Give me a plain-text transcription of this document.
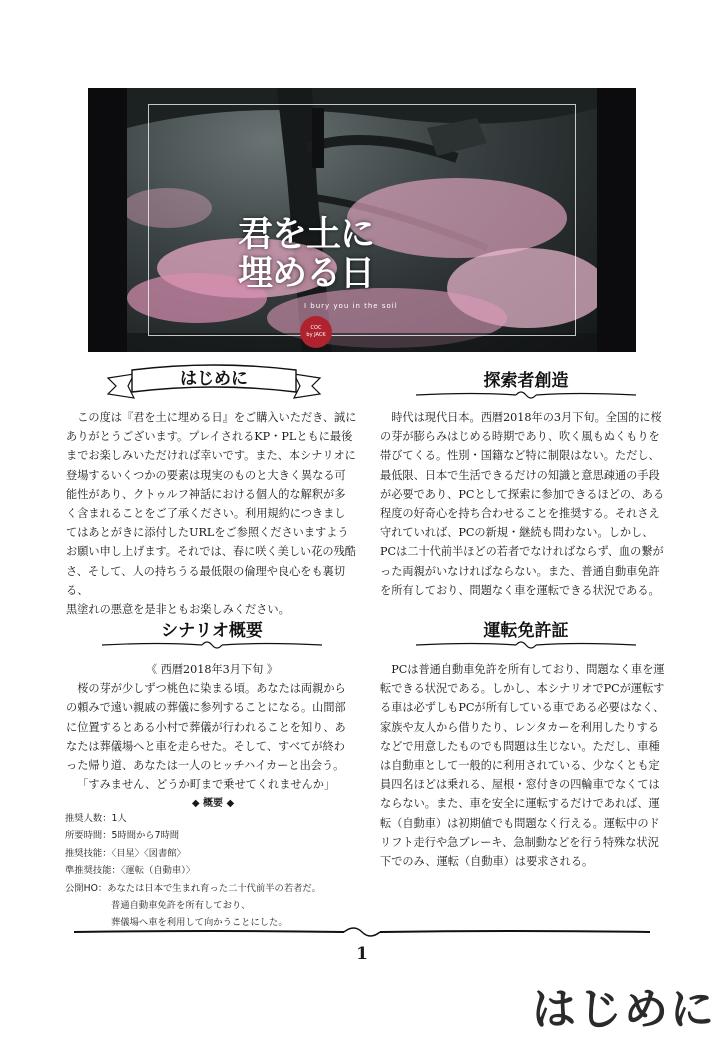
君を土に
埋める日
I bury you in the soil
COC
by JACK
はじめに

この度は『君を土に埋める日』をご購入いただき、誠に

ありがとうございます。プレイされるKP・PLともに最後

までお楽しみいただければ幸いです。また、本シナリオに

登場するいくつかの要素は現実のものと大きく異なる可

能性があり、クトゥルフ神話における個人的な解釈が多

く含まれることをご了承ください。利用規約につきまし

てはあとがきに添付したURLをご参照くださいますよう

お願い申し上げます。それでは、春に咲く美しい花の残酷

さ、そして、人の持ちうる最低限の倫理や良心をも裏切る、

黒塗れの悪意を是非ともお楽しみください。

探索者創造

時代は現代日本。西暦2018年の3月下旬。全国的に桜

の芽が膨らみはじめる時期であり、吹く風もぬくもりを

帯びてくる。性別・国籍など特に制限はない。ただし、

最低限、日本で生活できるだけの知識と意思疎通の手段

が必要であり、PCとして探索に参加できるほどの、ある

程度の好奇心を持ち合わせることを推奨する。それさえ

守れていれば、PCの新規・継続も問わない。しかし、

PCは二十代前半ほどの若者でなければならず、血の繋が

った両親がいなければならない。また、普通自動車免許

を所有しており、問題なく車を運転できる状況である。

シナリオ概要

《 西暦2018年3月下旬 》

桜の芽が少しずつ桃色に染まる頃。あなたは両親から

の頼みで遠い親戚の葬儀に参列することになる。山間部

に位置するとある小村で葬儀が行われることを知り、あ

なたは葬儀場へと車を走らせた。そして、すべてが終わ

った帰り道、あなたは一人のヒッチハイカーと出会う。

「すみません、どうか町まで乗せてくれませんか」

◆ 概要 ◆
推奨人数：1人
所要時間：5時間から7時間
推奨技能：〈目星〉〈図書館〉
準推奨技能：〈運転（自動車）〉
公開HO：あなたは日本で生まれ育った二十代前半の若者だ。
普通自動車免許を所有しており、
葬儀場へ車を利用して向かうことにした。
運転免許証

PCは普通自動車免許を所有しており、問題なく車を運

転できる状況である。しかし、本シナリオでPCが運転す

る車は必ずしもPCが所有している車である必要はなく、

家族や友人から借りたり、レンタカーを利用したりする

などで用意したものでも問題は生じない。ただし、車種

は自動車として一般的に利用されている、少なくとも定

員四名ほどは乗れる、屋根・窓付きの四輪車でなくては

ならない。また、車を安全に運転するだけであれば、運

転（自動車）は初期値でも問題なく行える。運転中のド

リフト走行や急ブレーキ、急制動などを行う特殊な状況

下でのみ、運転（自動車）は要求される。

1
はじめに
